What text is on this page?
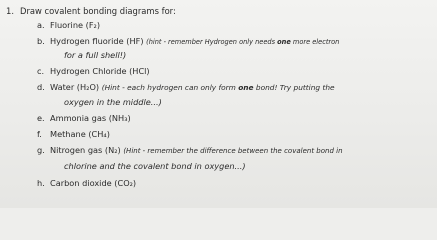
1. Draw covalent bonding diagrams for:
a. Fluorine (F₂)
b. Hydrogen fluoride (HF) (hint - remember Hydrogen only needs one more electron
for a full shell!)
c. Hydrogen Chloride (HCl)
d. Water (H₂O) (Hint - each hydrogen can only form one bond! Try putting the
oxygen in the middle...)
e. Ammonia gas (NH₃)
f. Methane (CH₄)
g. Nitrogen gas (N₂) (Hint - remember the difference between the covalent bond in
chlorine and the covalent bond in oxygen...)
h. Carbon dioxide (CO₂)
